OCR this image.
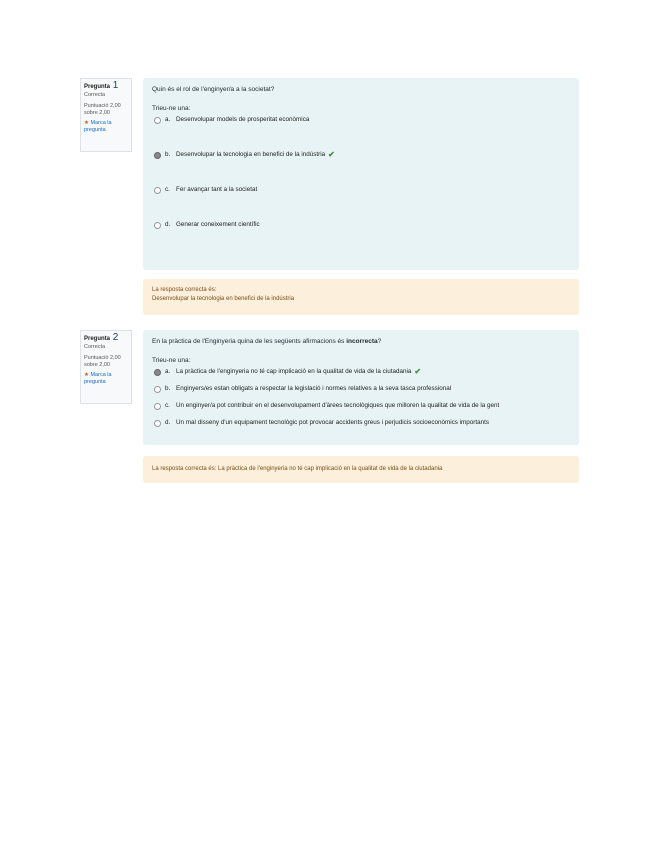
Pregunta 1
Correcta
Puntuació 2,00 sobre 2,00
★ Marca la pregunta
Quin és el rol de l'enginyer/a a la societat?
Trieu-ne una:
a. Desenvolupar models de prosperitat econòmica
b. Desenvolupar la tecnologia en benefici de la indústria ✔
c. Fer avançar tant a la societat
d. Generar coneixement científic
La resposta correcta és:
Desenvolupar la tecnologia en benefici de la indústria
Pregunta 2
Correcta
Puntuació 2,00 sobre 2,00
★ Marca la pregunta
En la pràctica de l'Enginyeria quina de les següents afirmacions és incorrecta?
Trieu-ne una:
a. La pràctica de l'enginyeria no té cap implicació en la qualitat de vida de la ciutadania ✔
b. Enginyers/es estan obligats a respectar la legislació i normes relatives a la seva tasca professional
c. Un enginyer/a pot contribuir en el desenvolupament d'àrees tecnològiques que milloren la qualitat de vida de la gent
d. Un mal disseny d'un equipament tecnològic pot provocar accidents greus i perjudicis socioeconòmics importants
La resposta correcta és: La pràctica de l'enginyeria no té cap implicació en la qualitat de vida de la ciutadania
